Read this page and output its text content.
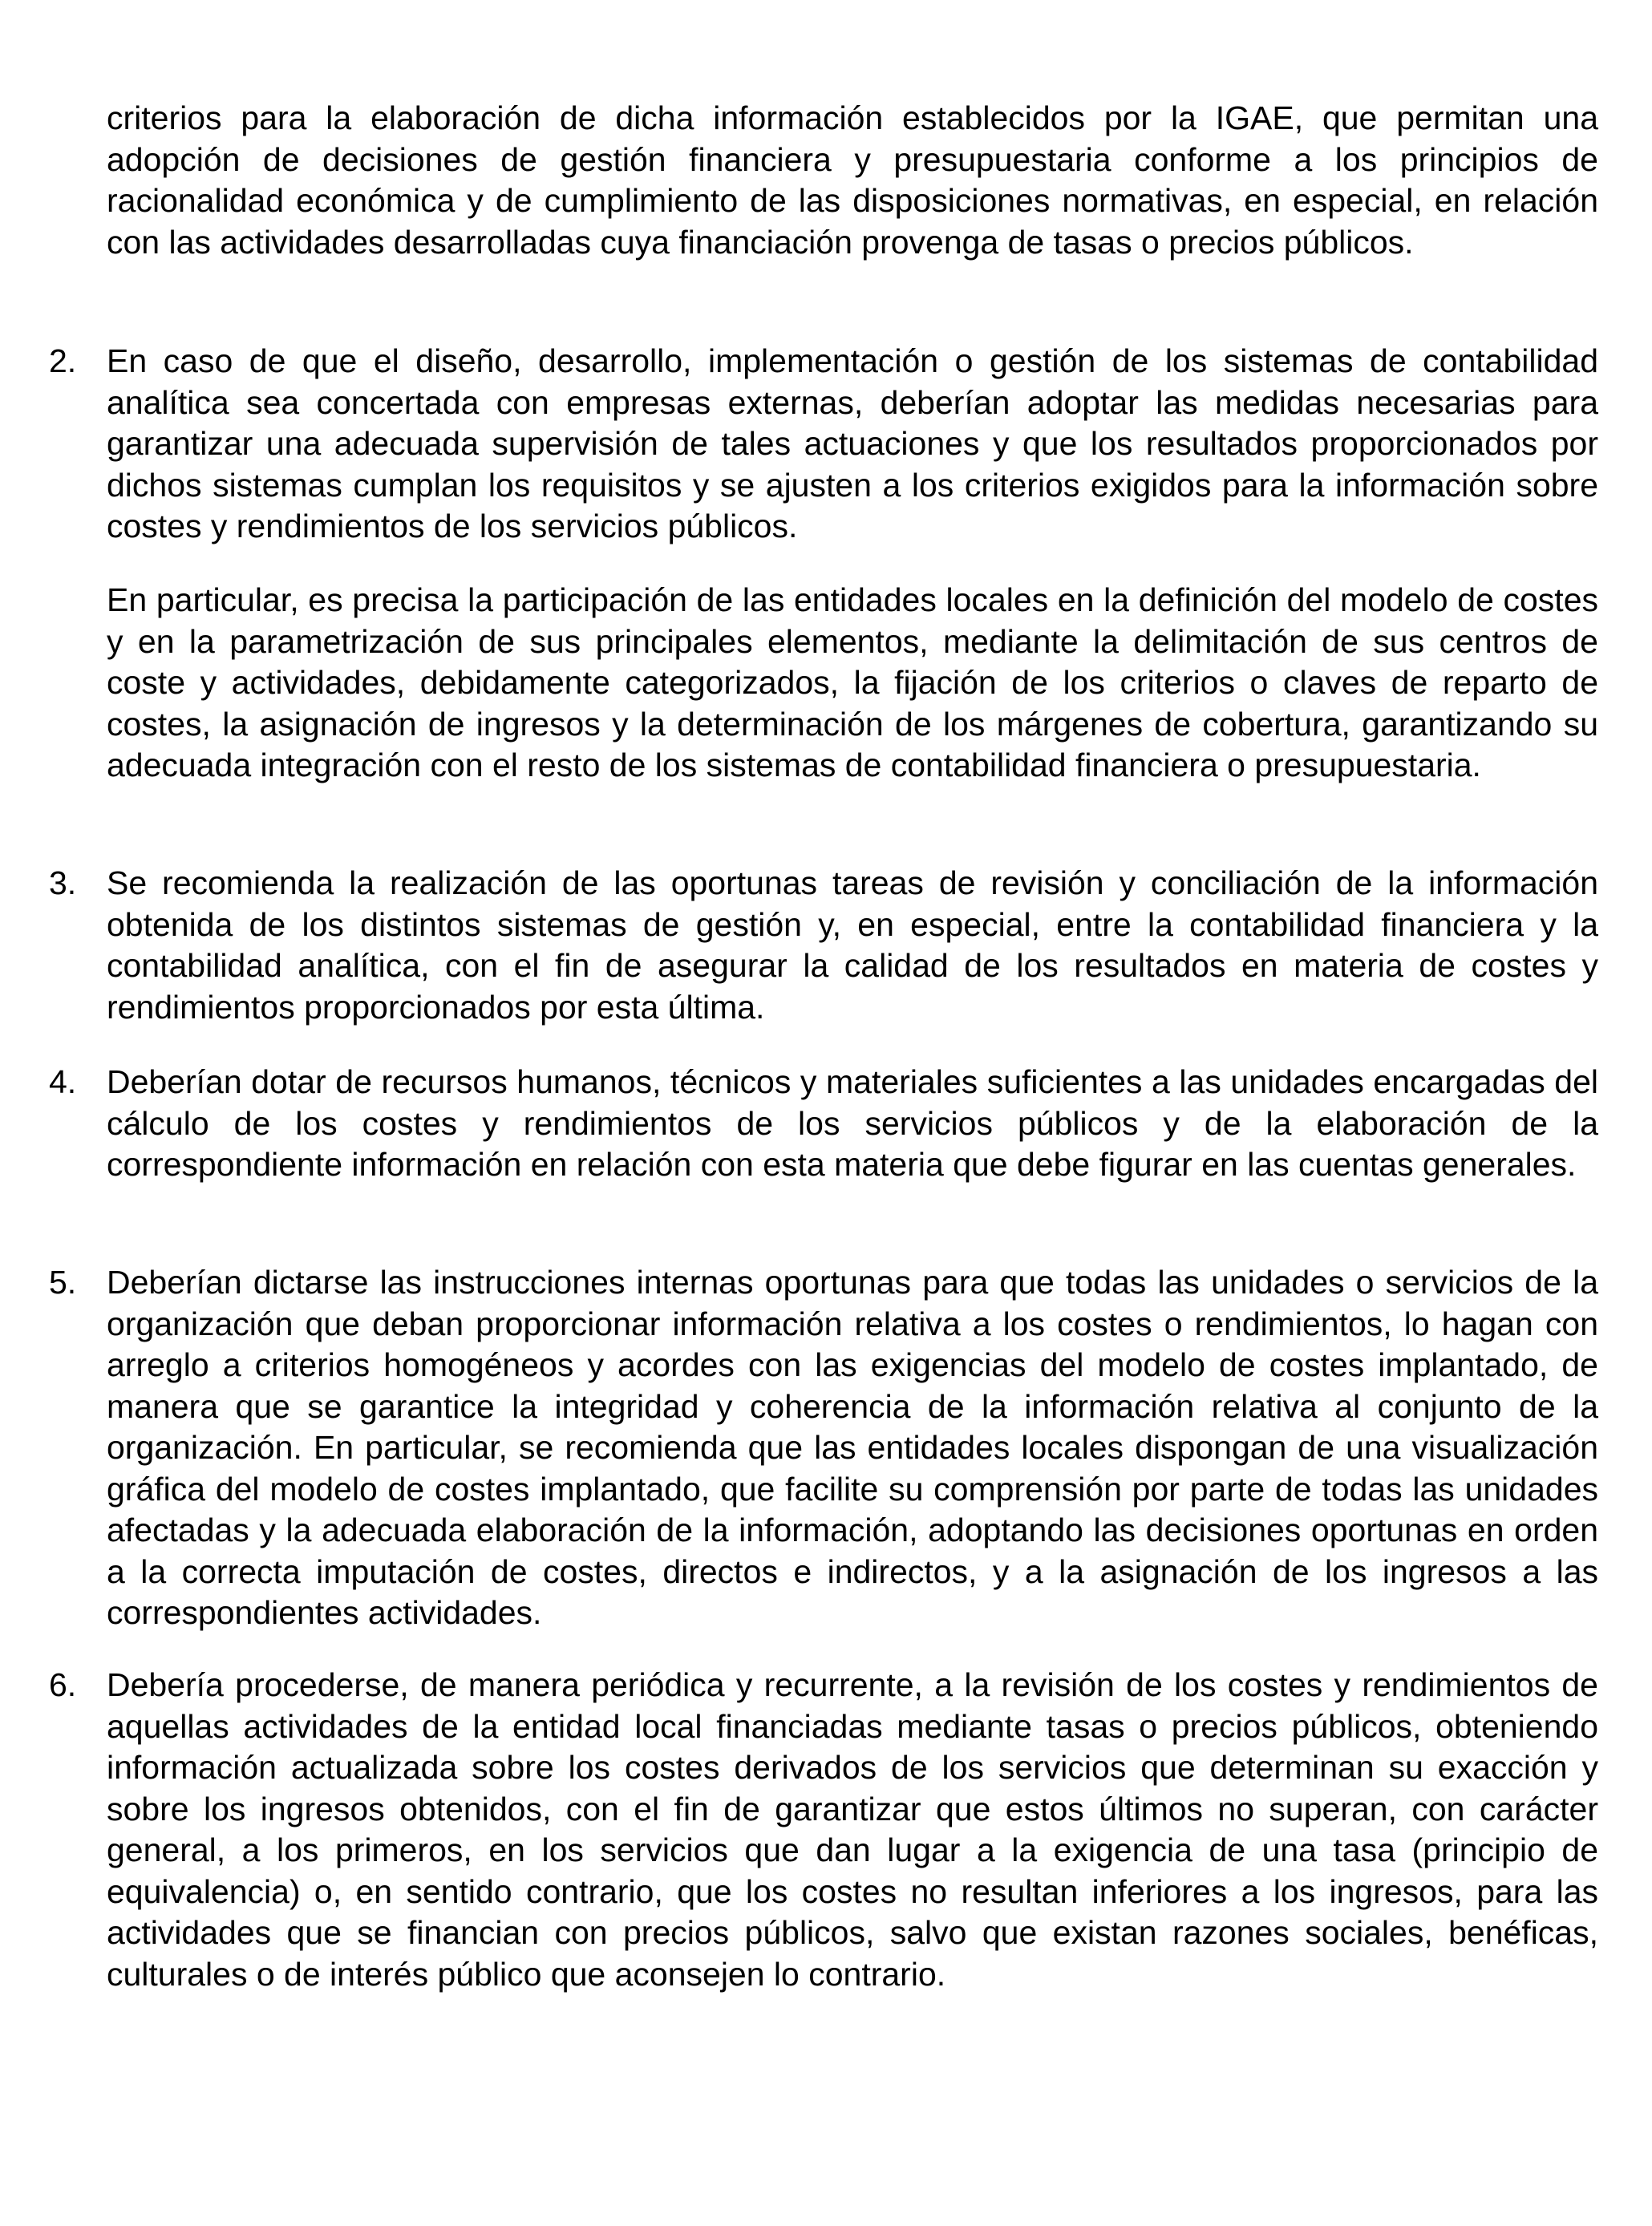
criterios para la elaboración de dicha información establecidos por la IGAE, que permitan una adopción de decisiones de gestión financiera y presupuestaria conforme a los principios de racionalidad económica y de cumplimiento de las disposiciones normativas, en especial, en relación con las actividades desarrolladas cuya financiación provenga de tasas o precios públicos.

2. En caso de que el diseño, desarrollo, implementación o gestión de los sistemas de contabilidad analítica sea concertada con empresas externas, deberían adoptar las medidas necesarias para garantizar una adecuada supervisión de tales actuaciones y que los resultados proporcionados por dichos sistemas cumplan los requisitos y se ajusten a los criterios exigidos para la información sobre costes y rendimientos de los servicios públicos.

En particular, es precisa la participación de las entidades locales en la definición del modelo de costes y en la parametrización de sus principales elementos, mediante la delimitación de sus centros de coste y actividades, debidamente categorizados, la fijación de los criterios o claves de reparto de costes, la asignación de ingresos y la determinación de los márgenes de cobertura, garantizando su adecuada integración con el resto de los sistemas de contabilidad financiera o presupuestaria.

3. Se recomienda la realización de las oportunas tareas de revisión y conciliación de la información obtenida de los distintos sistemas de gestión y, en especial, entre la contabilidad financiera y la contabilidad analítica, con el fin de asegurar la calidad de los resultados en materia de costes y rendimientos proporcionados por esta última.

4. Deberían dotar de recursos humanos, técnicos y materiales suficientes a las unidades encargadas del cálculo de los costes y rendimientos de los servicios públicos y de la elaboración de la correspondiente información en relación con esta materia que debe figurar en las cuentas generales.

5. Deberían dictarse las instrucciones internas oportunas para que todas las unidades o servicios de la organización que deban proporcionar información relativa a los costes o rendimientos, lo hagan con arreglo a criterios homogéneos y acordes con las exigencias del modelo de costes implantado, de manera que se garantice la integridad y coherencia de la información relativa al conjunto de la organización. En particular, se recomienda que las entidades locales dispongan de una visualización gráfica del modelo de costes implantado, que facilite su comprensión por parte de todas las unidades afectadas y la adecuada elaboración de la información, adoptando las decisiones oportunas en orden a la correcta imputación de costes, directos e indirectos, y a la asignación de los ingresos a las correspondientes actividades.

6. Debería procederse, de manera periódica y recurrente, a la revisión de los costes y rendimientos de aquellas actividades de la entidad local financiadas mediante tasas o precios públicos, obteniendo información actualizada sobre los costes derivados de los servicios que determinan su exacción y sobre los ingresos obtenidos, con el fin de garantizar que estos últimos no superan, con carácter general, a los primeros, en los servicios que dan lugar a la exigencia de una tasa (principio de equivalencia) o, en sentido contrario, que los costes no resultan inferiores a los ingresos, para las actividades que se financian con precios públicos, salvo que existan razones sociales, benéficas, culturales o de interés público que aconsejen lo contrario.
